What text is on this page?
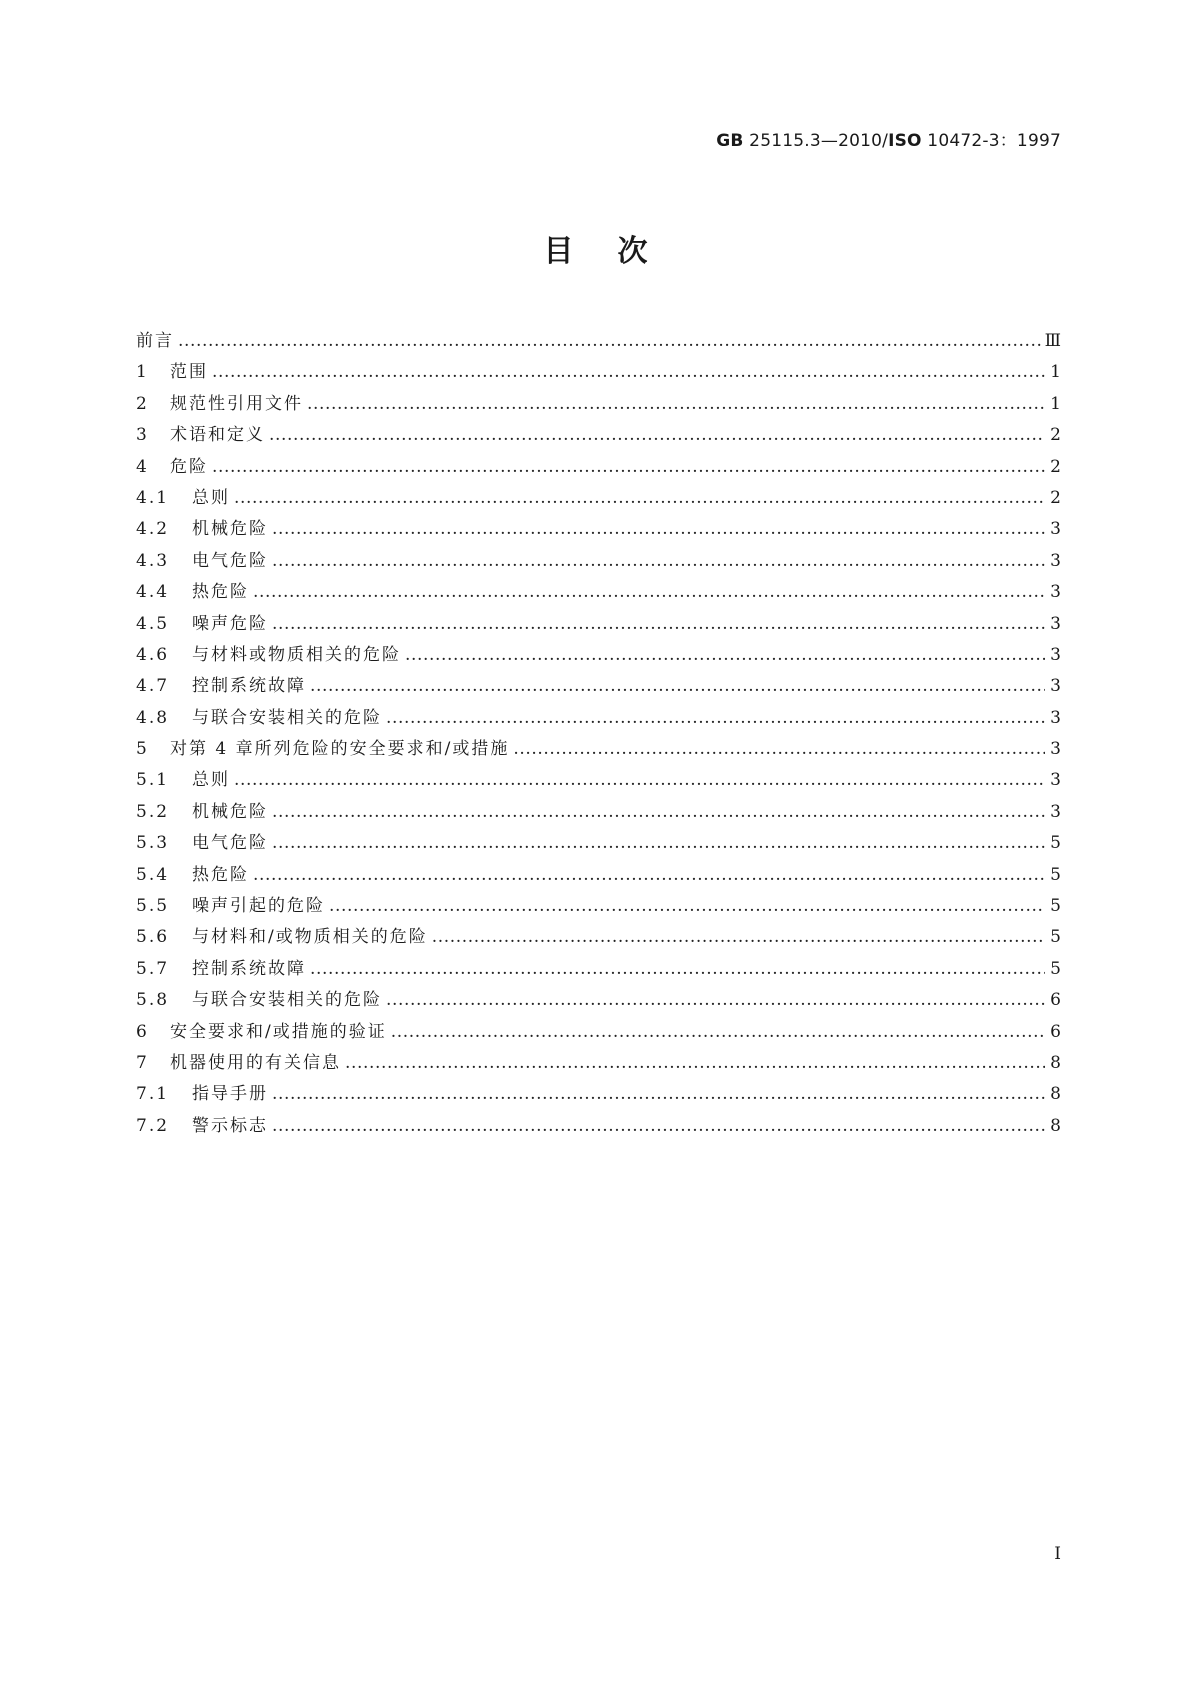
GB 25115.3—2010/ISO 10472-3：1997
目次
前言 .....	Ⅲ
1	范围 .....	1
2	规范性引用文件 .....	1
3	术语和定义 .....	2
4	危险 .....	2
4.1	总则 .....	2
4.2	机械危险 .....	3
4.3	电气危险 .....	3
4.4	热危险 .....	3
4.5	噪声危险 .....	3
4.6	与材料或物质相关的危险 .....	3
4.7	控制系统故障 .....	3
4.8	与联合安装相关的危险 .....	3
5	对第 4 章所列危险的安全要求和/或措施 .....	3
5.1	总则 .....	3
5.2	机械危险 .....	3
5.3	电气危险 .....	5
5.4	热危险 .....	5
5.5	噪声引起的危险 .....	5
5.6	与材料和/或物质相关的危险 .....	5
5.7	控制系统故障 .....	5
5.8	与联合安装相关的危险 .....	6
6	安全要求和/或措施的验证 .....	6
7	机器使用的有关信息 .....	8
7.1	指导手册 .....	8
7.2	警示标志 .....	8
Ⅰ
